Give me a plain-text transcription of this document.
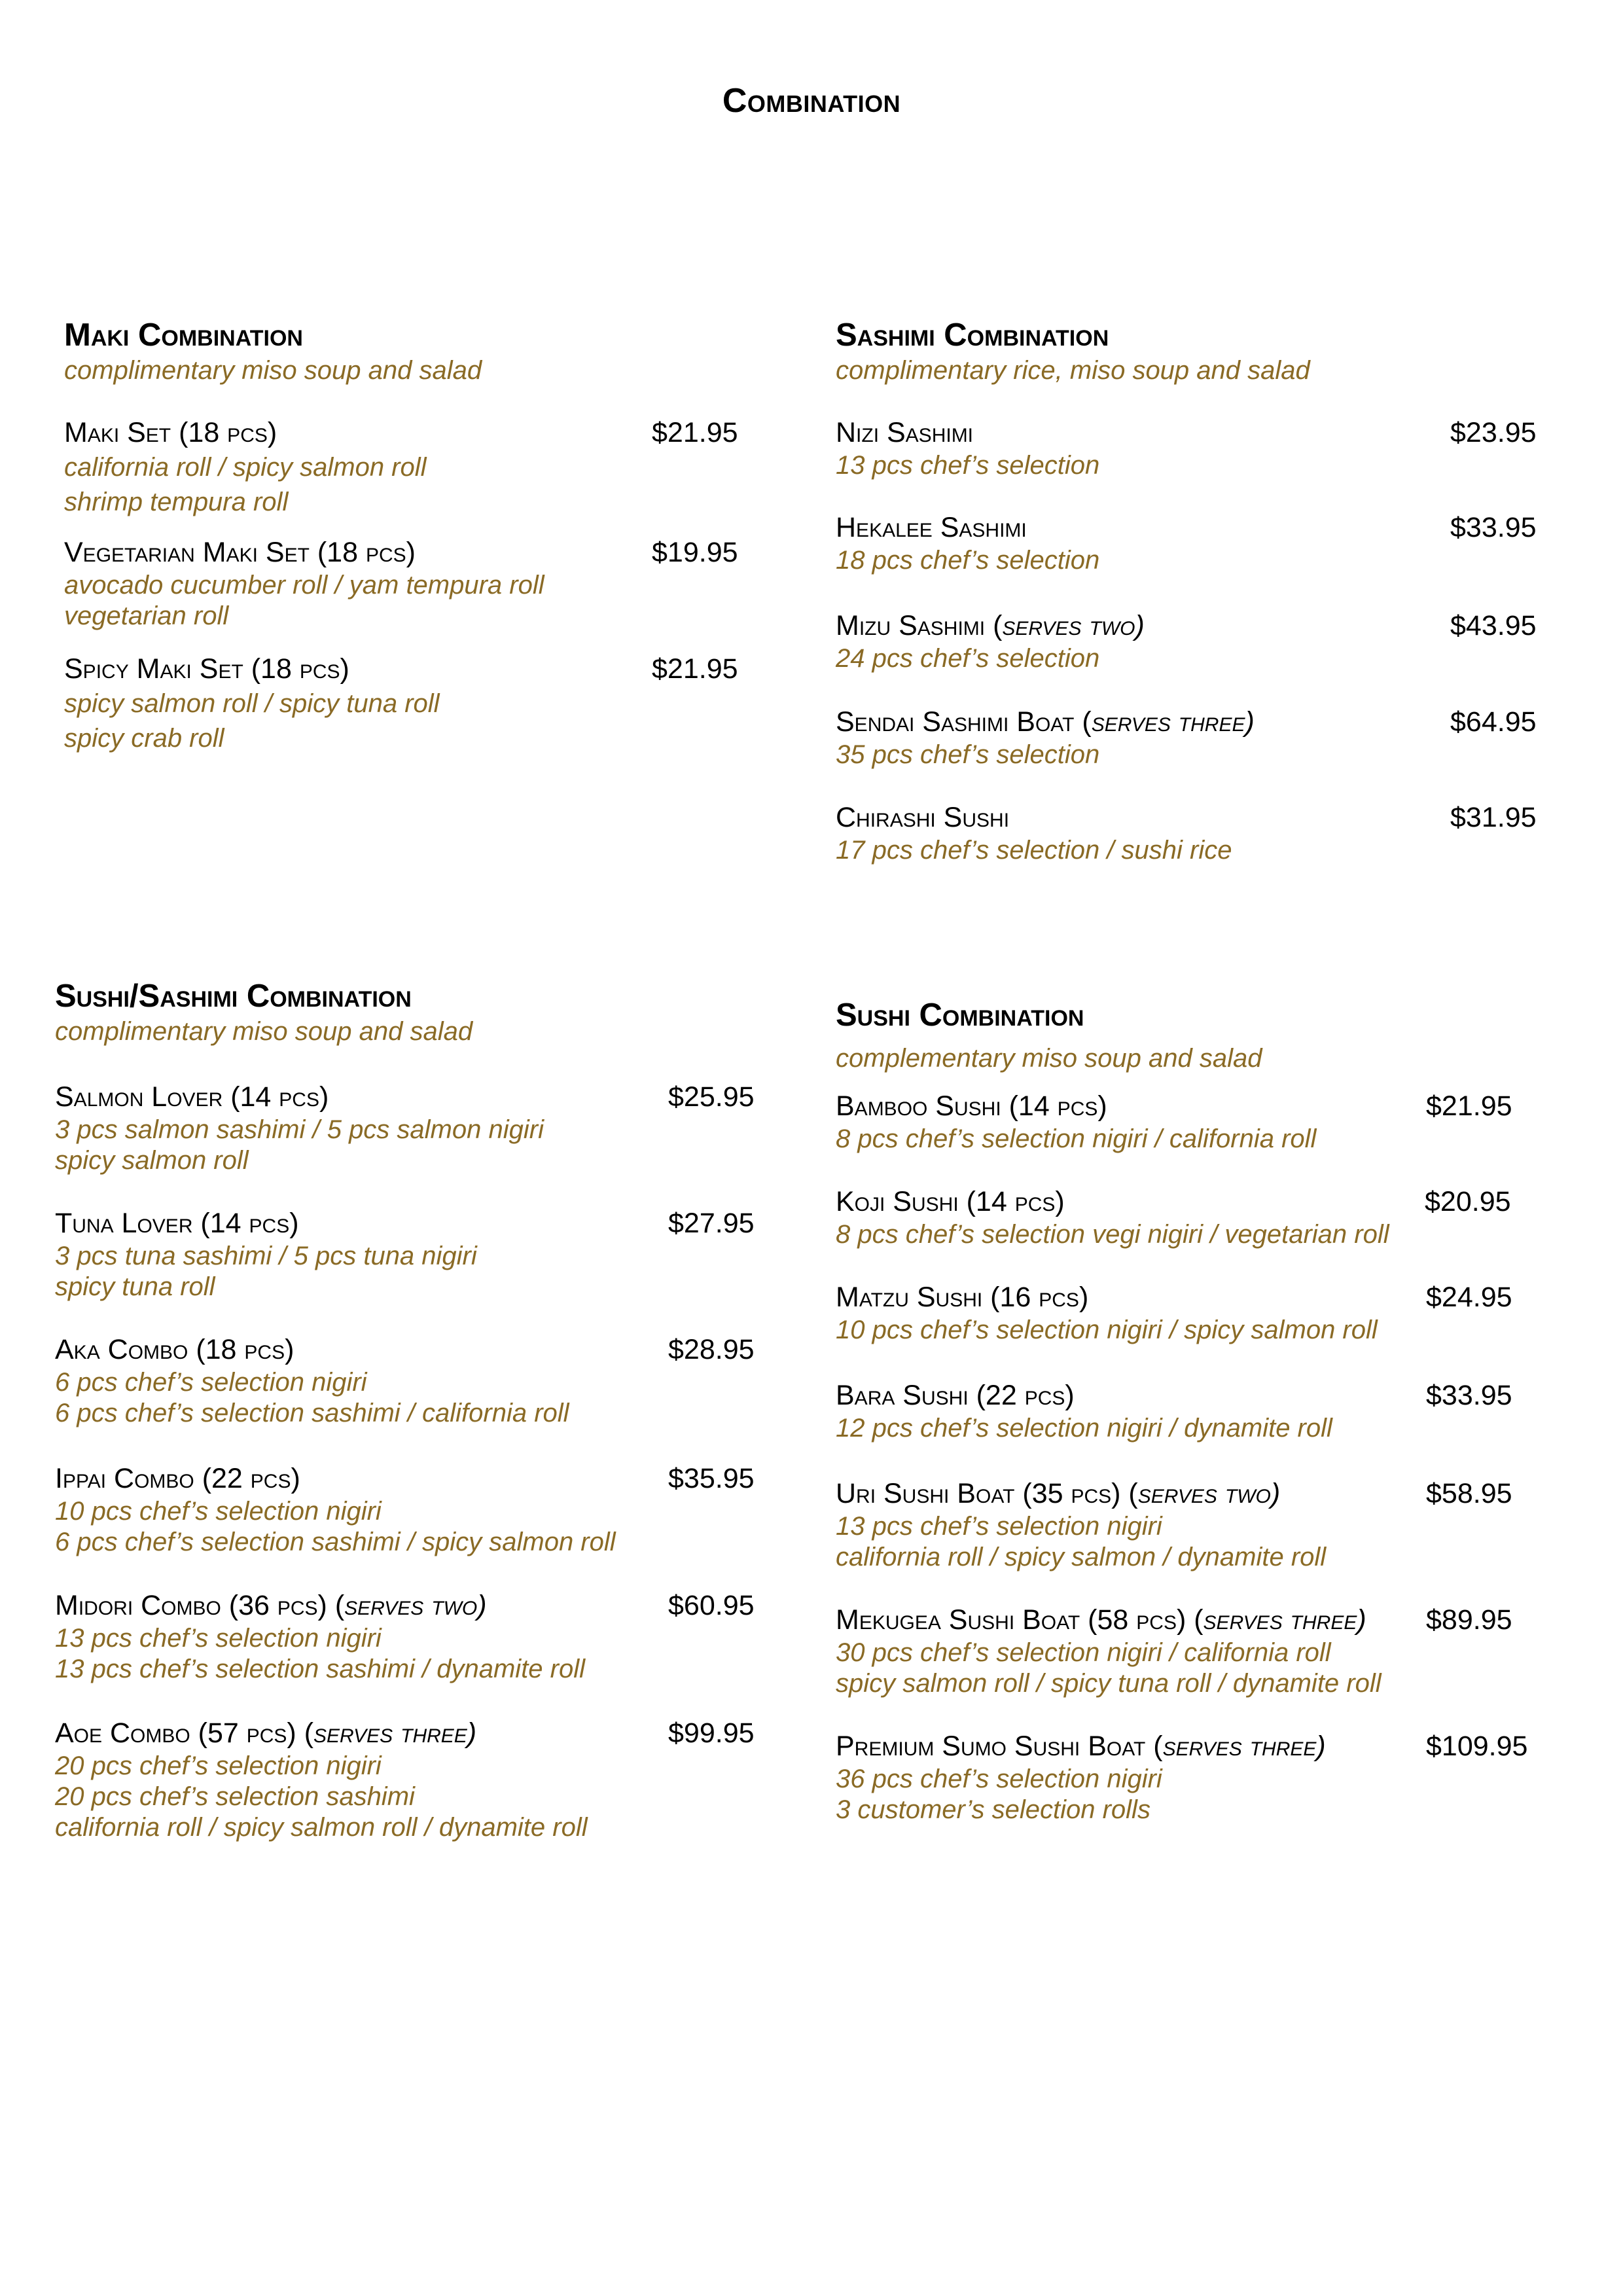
Combination
Maki Combination
complimentary miso soup and salad
Maki Set (18 pcs)	$21.95
california roll / spicy salmon roll
shrimp tempura roll
Vegetarian Maki Set (18 pcs)	$19.95
avocado cucumber roll / yam tempura roll
vegetarian roll
Spicy Maki Set (18 pcs)	$21.95
spicy salmon roll / spicy tuna roll
spicy crab roll
Sashimi Combination
complimentary rice, miso soup and salad
Nizi Sashimi	$23.95
13 pcs chef’s selection
Hekalee Sashimi	$33.95
18 pcs chef’s selection
Mizu Sashimi (serves two)	$43.95
24 pcs chef’s selection
Sendai Sashimi Boat (serves three)	$64.95
35 pcs chef’s selection
Chirashi Sushi	$31.95
17 pcs chef’s selection / sushi rice
Sushi/Sashimi Combination
complimentary miso soup and salad
Salmon Lover (14 pcs)	$25.95
3 pcs salmon sashimi / 5 pcs salmon nigiri
spicy salmon roll
Tuna Lover (14 pcs)	$27.95
3 pcs tuna sashimi / 5 pcs tuna nigiri
spicy tuna roll
Aka Combo (18 pcs)	$28.95
6 pcs chef’s selection nigiri
6 pcs chef’s selection sashimi / california roll
Ippai Combo (22 pcs)	$35.95
10 pcs chef’s selection nigiri
6 pcs chef’s selection sashimi / spicy salmon roll
Midori Combo (36 pcs) (serves two)	$60.95
13 pcs chef’s selection nigiri
13 pcs chef’s selection sashimi / dynamite roll
Aoe Combo (57 pcs) (serves three)	$99.95
20 pcs chef’s selection nigiri
20 pcs chef’s selection sashimi
california roll / spicy salmon roll / dynamite roll
Sushi Combination
complementary miso soup and salad
Bamboo Sushi (14 pcs)	$21.95
8 pcs chef’s selection nigiri / california roll
Koji Sushi (14 pcs)	$20.95
8 pcs chef’s selection vegi nigiri / vegetarian roll
Matzu Sushi (16 pcs)	$24.95
10 pcs chef’s selection nigiri / spicy salmon roll
Bara Sushi (22 pcs)	$33.95
12 pcs chef’s selection nigiri / dynamite roll
Uri Sushi Boat (35 pcs) (serves two)	$58.95
13 pcs chef’s selection nigiri
california roll / spicy salmon / dynamite roll
Mekugea Sushi Boat (58 pcs) (serves three)	$89.95
30 pcs chef’s selection nigiri / california roll
spicy salmon roll / spicy tuna roll / dynamite roll
Premium Sumo Sushi Boat (serves three)	$109.95
36 pcs chef’s selection nigiri
3 customer’s selection rolls
